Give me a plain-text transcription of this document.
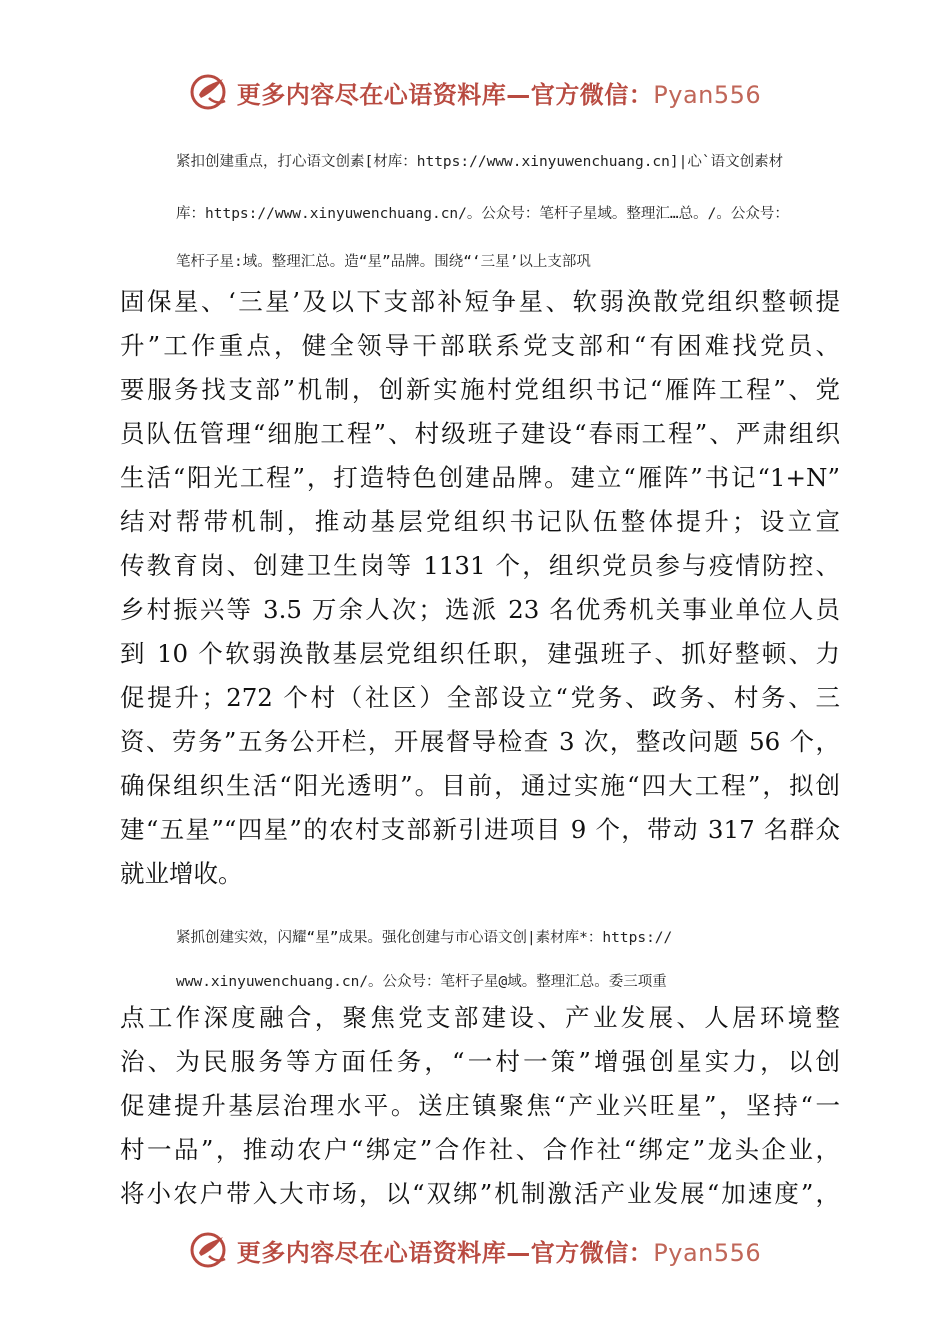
更多内容尽在心语资料库—官方微信：Pyan556
紧扣创建重点，打心语文创素[材库：https://www.xinyuwenchuang.cn]|心`语文创素材
库：https://www.xinyuwenchuang.cn/。公众号：笔杆子星域。整理汇…总。/。公众号：
笔杆子星:域。整理汇总。造“星”品牌。围绕“‘三星’以上支部巩
固保星、‘三星’及以下支部补短争星、软弱涣散党组织整顿提
升”工作重点，健全领导干部联系党支部和“有困难找党员、
要服务找支部”机制，创新实施村党组织书记“雁阵工程”、党
员队伍管理“细胞工程”、村级班子建设“春雨工程”、严肃组织
生活“阳光工程”，打造特色创建品牌。建立“雁阵”书记“1+N”
结对帮带机制，推动基层党组织书记队伍整体提升；设立宣
传教育岗、创建卫生岗等 1131 个，组织党员参与疫情防控、
乡村振兴等 3.5 万余人次；选派 23 名优秀机关事业单位人员
到 10 个软弱涣散基层党组织任职，建强班子、抓好整顿、力
促提升；272 个村（社区）全部设立“党务、政务、村务、三
资、劳务”五务公开栏，开展督导检查 3 次，整改问题 56 个，
确保组织生活“阳光透明”。目前，通过实施“四大工程”，拟创
建“五星”“四星”的农村支部新引进项目 9 个，带动 317 名群众
就业增收。
紧抓创建实效，闪耀“星”成果。强化创建与市心语文创|素材库*：https://
www.xinyuwenchuang.cn/。公众号：笔杆子星@域。整理汇总。委三项重
点工作深度融合，聚焦党支部建设、产业发展、人居环境整
治、为民服务等方面任务，“一村一策”增强创星实力，以创
促建提升基层治理水平。送庄镇聚焦“产业兴旺星”，坚持“一
村一品”，推动农户“绑定”合作社、合作社“绑定”龙头企业，
将小农户带入大市场，以“双绑”机制激活产业发展“加速度”，
更多内容尽在心语资料库—官方微信：Pyan556
